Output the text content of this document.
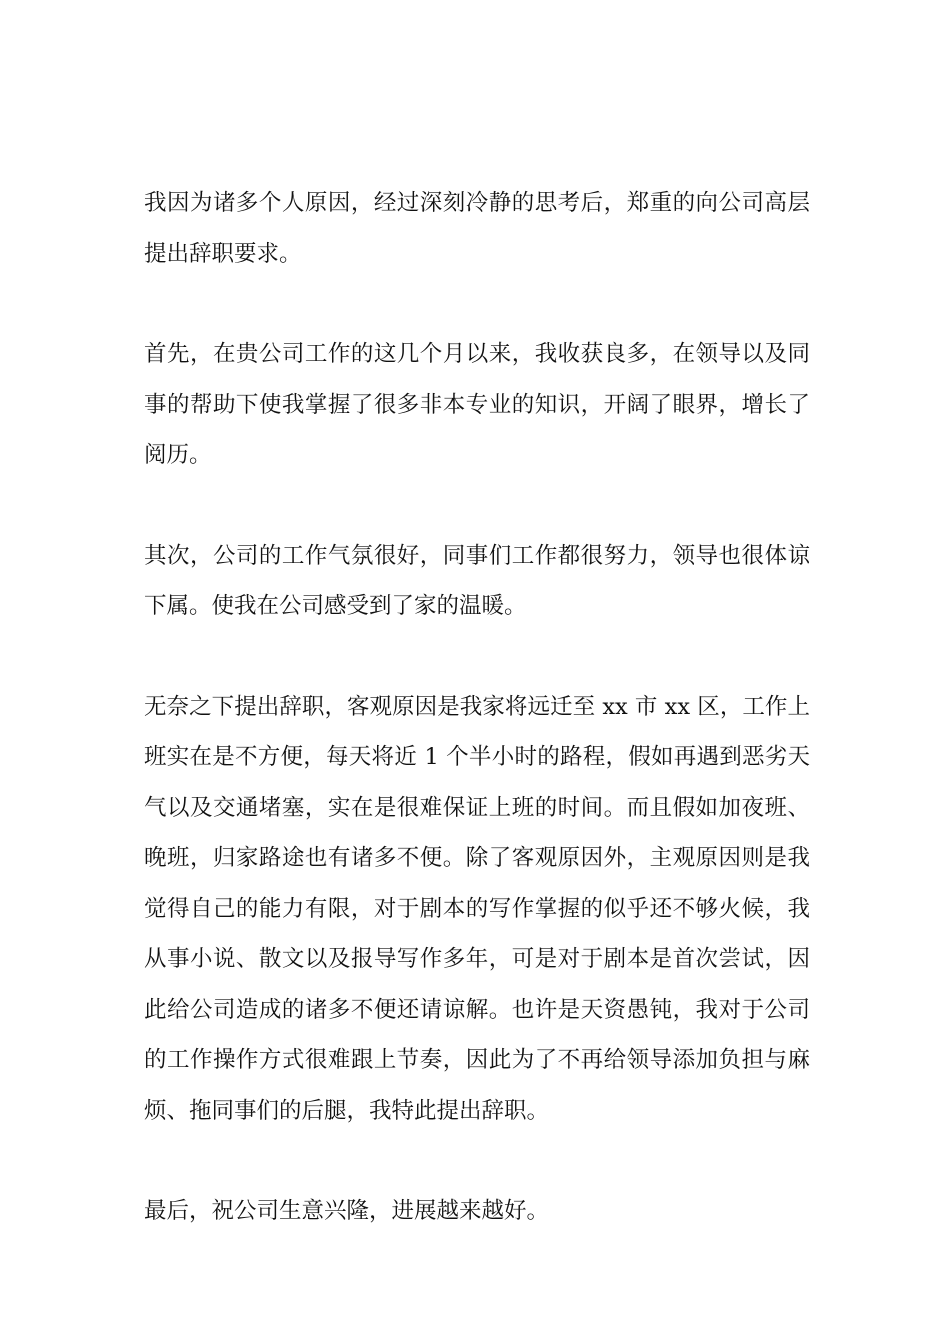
我因为诸多个人原因，经过深刻冷静的思考后，郑重的向公司高层提出辞职要求。

首先，在贵公司工作的这几个月以来，我收获良多，在领导以及同事的帮助下使我掌握了很多非本专业的知识，开阔了眼界，增长了阅历。

其次，公司的工作气氛很好，同事们工作都很努力，领导也很体谅下属。使我在公司感受到了家的温暖。

无奈之下提出辞职，客观原因是我家将远迁至 xx 市 xx 区，工作上班实在是不方便，每天将近 1 个半小时的路程，假如再遇到恶劣天气以及交通堵塞，实在是很难保证上班的时间。而且假如加夜班、晚班，归家路途也有诸多不便。除了客观原因外，主观原因则是我觉得自己的能力有限，对于剧本的写作掌握的似乎还不够火候，我从事小说、散文以及报导写作多年，可是对于剧本是首次尝试，因此给公司造成的诸多不便还请谅解。也许是天资愚钝，我对于公司的工作操作方式很难跟上节奏，因此为了不再给领导添加负担与麻烦、拖同事们的后腿，我特此提出辞职。

最后，祝公司生意兴隆，进展越来越好。
